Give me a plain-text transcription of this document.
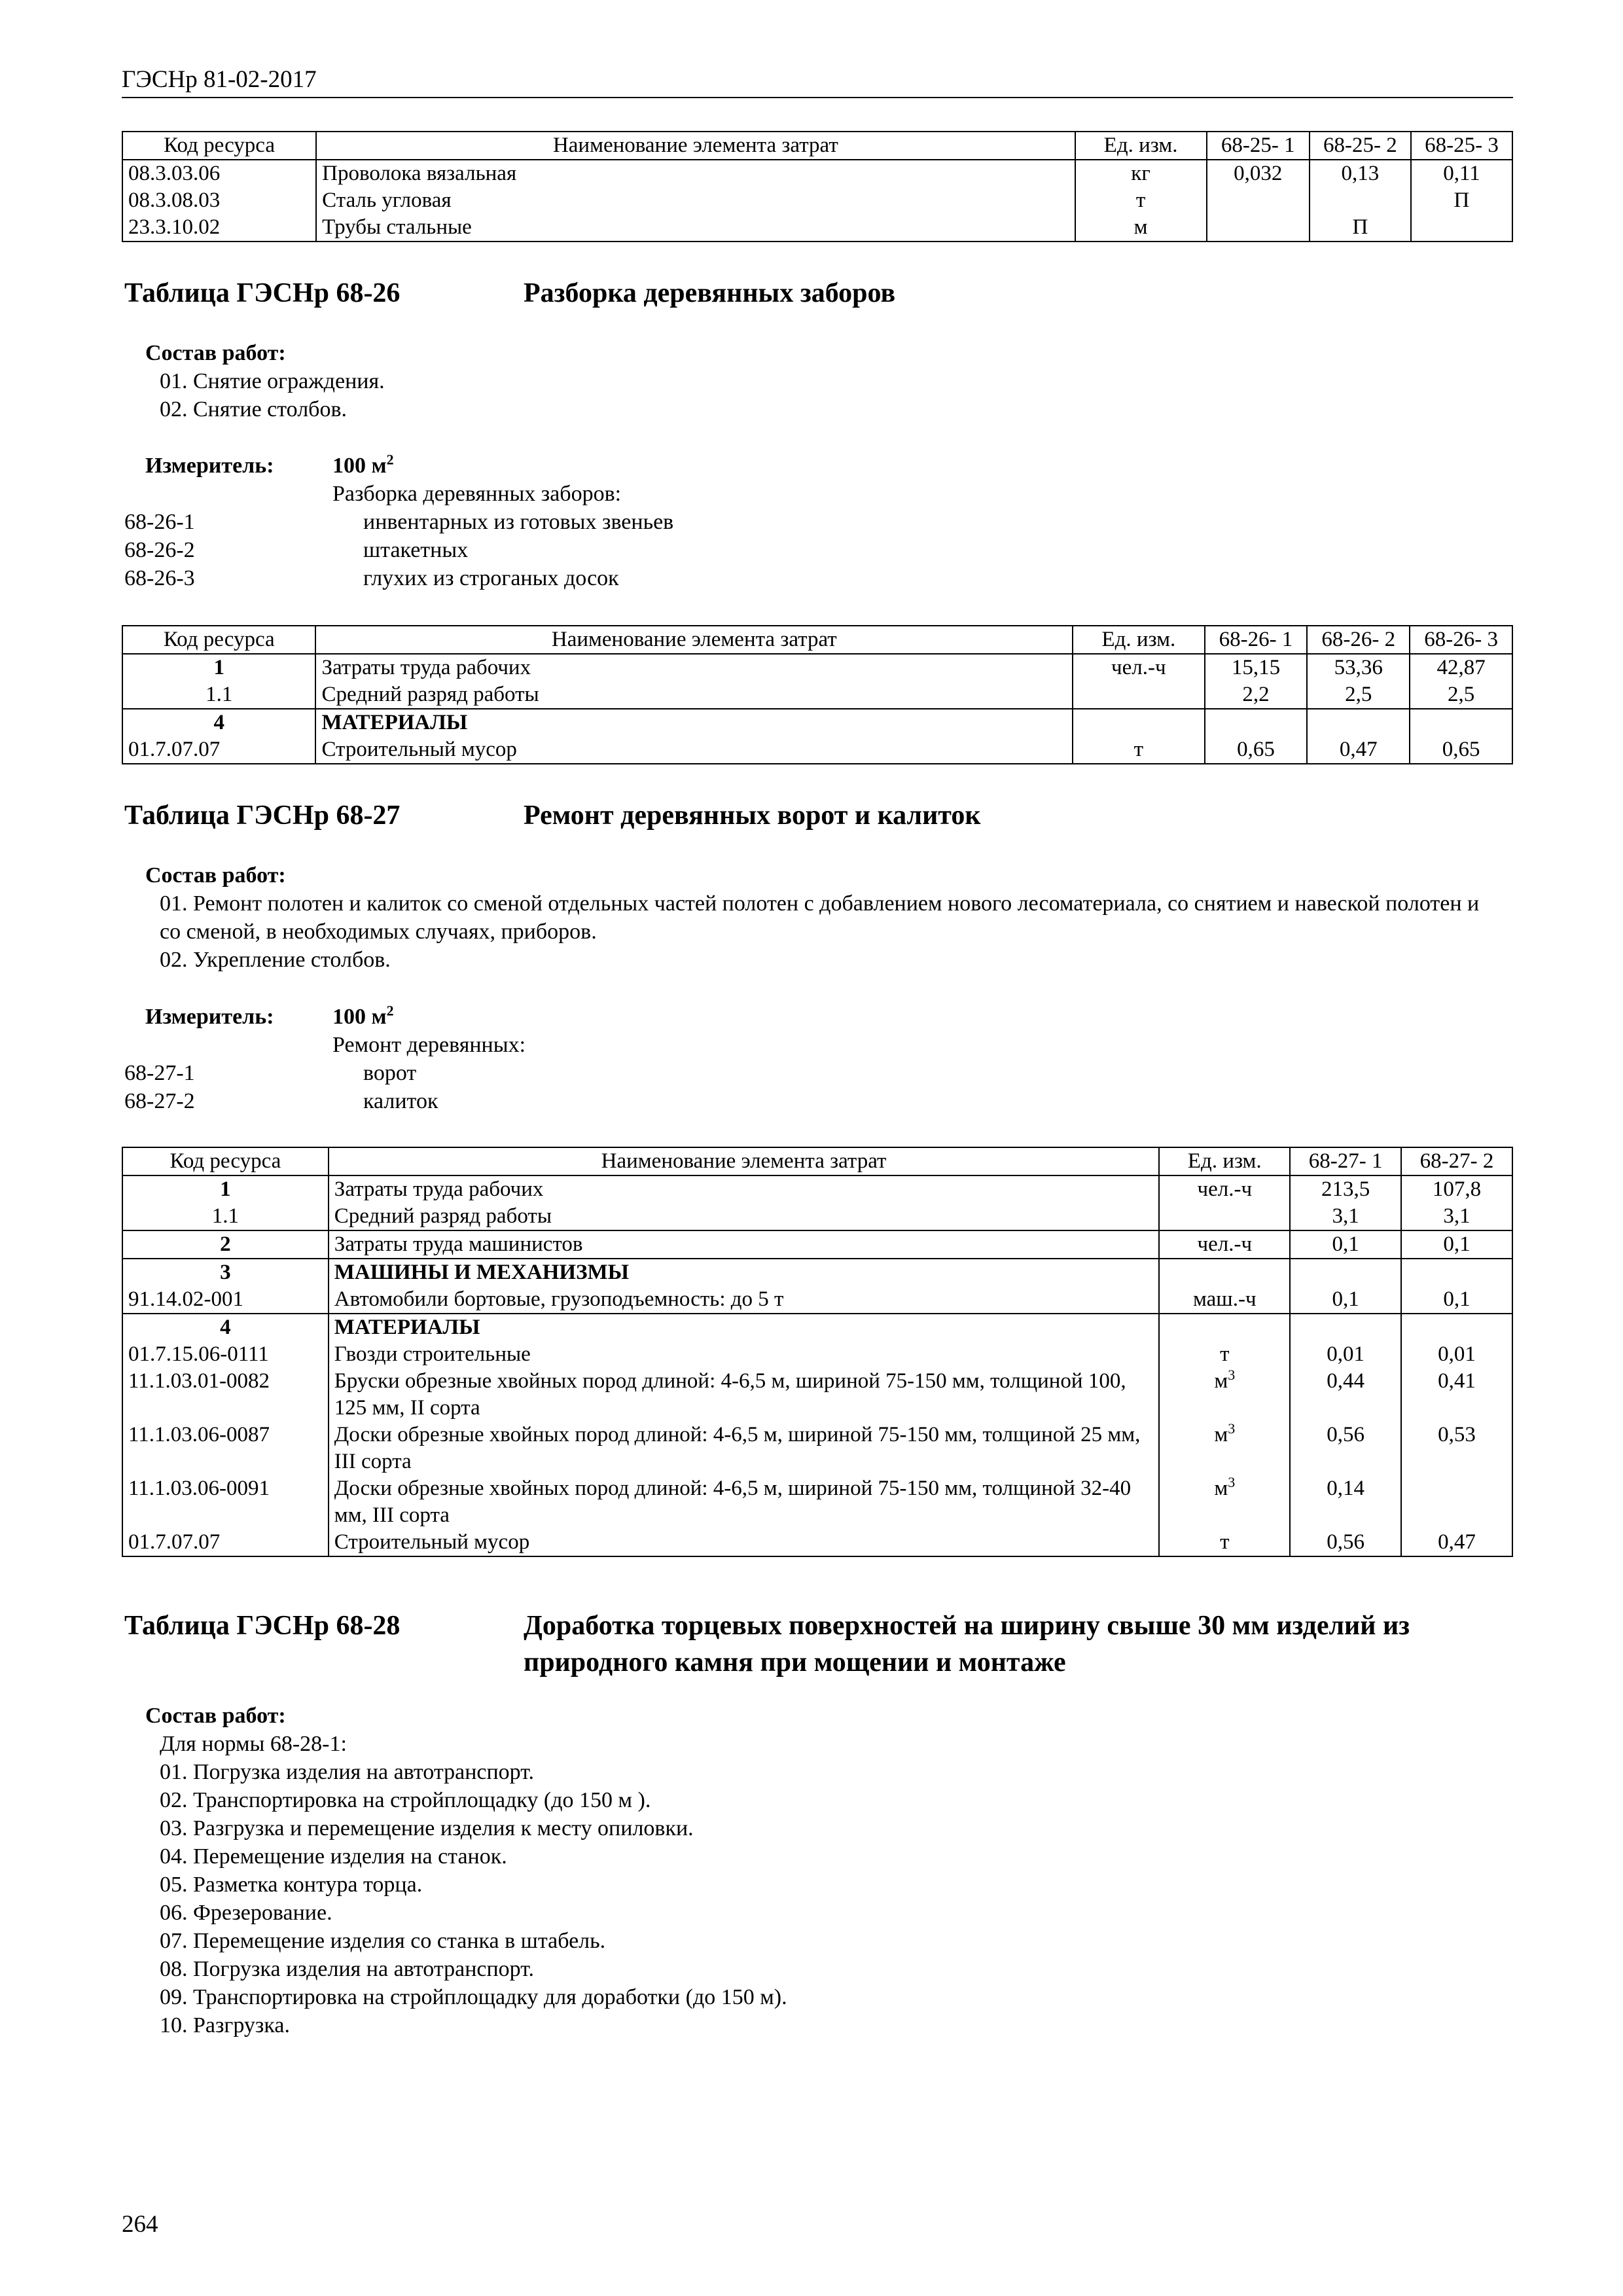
ГЭСНр 81-02-2017
Код ресурса	Наименование элемента затрат	Ед. изм.	68-25- 1	68-25- 2	68-25- 3
08.3.03.06	Проволока вязальная	кг	0,032	0,13	0,11
08.3.08.03	Сталь угловая	т			П
23.3.10.02	Трубы стальные	м		П	
Таблица ГЭСНр 68-26	Разборка деревянных заборов
Состав работ:
01. Снятие ограждения.
02. Снятие столбов.
Измеритель:	100 $м^2$
Разборка деревянных заборов:
68-26-1	инвентарных из готовых звеньев
68-26-2	штакетных
68-26-3	глухих из строганых досок
Код ресурса	Наименование элемента затрат	Ед. изм.	68-26- 1	68-26- 2	68-26- 3
1	Затраты труда рабочих	чел.-ч	15,15	53,36	42,87
1.1	Средний разряд работы		2,2	2,5	2,5
4	МАТЕРИАЛЫ				
01.7.07.07	Строительный мусор	т	0,65	0,47	0,65
Таблица ГЭСНр 68-27	Ремонт деревянных ворот и калиток
Состав работ:
01. Ремонт полотен и калиток со сменой отдельных частей полотен с добавлением нового лесоматериала, со снятием и навеской полотен и со сменой, в необходимых случаях, приборов.
02. Укрепление столбов.
Измеритель:	100 $м^2$
Ремонт деревянных:
68-27-1	ворот
68-27-2	калиток
Код ресурса	Наименование элемента затрат	Ед. изм.	68-27- 1	68-27- 2
1	Затраты труда рабочих	чел.-ч	213,5	107,8
1.1	Средний разряд работы		3,1	3,1
2	Затраты труда машинистов	чел.-ч	0,1	0,1
3	МАШИНЫ И МЕХАНИЗМЫ			
91.14.02-001	Автомобили бортовые, грузоподъемность: до 5 т	маш.-ч	0,1	0,1
4	МАТЕРИАЛЫ			
01.7.15.06-0111	Гвозди строительные	т	0,01	0,01
11.1.03.01-0082	Бруски обрезные хвойных пород длиной: 4-6,5 м, шириной 75-150 мм, толщиной 100, 125 мм, II сорта	$м^3$	0,44	0,41
11.1.03.06-0087	Доски обрезные хвойных пород длиной: 4-6,5 м, шириной 75-150 мм, толщиной 25 мм, III сорта	$м^3$	0,56	0,53
11.1.03.06-0091	Доски обрезные хвойных пород длиной: 4-6,5 м, шириной 75-150 мм, толщиной 32-40 мм, III сорта	$м^3$	0,14	
01.7.07.07	Строительный мусор	т	0,56	0,47
Таблица ГЭСНр 68-28	Доработка торцевых поверхностей на ширину свыше 30 мм изделий из природного камня при мощении и монтаже
Состав работ:
Для нормы 68-28-1:
01. Погрузка изделия на автотранспорт.
02. Транспортировка на стройплощадку (до 150 м ).
03. Разгрузка и перемещение изделия к месту опиловки.
04. Перемещение изделия на станок.
05. Разметка контура торца.
06. Фрезерование.
07. Перемещение изделия со станка в штабель.
08. Погрузка изделия на автотранспорт.
09. Транспортировка на стройплощадку для доработки (до 150 м).
10. Разгрузка.
264
